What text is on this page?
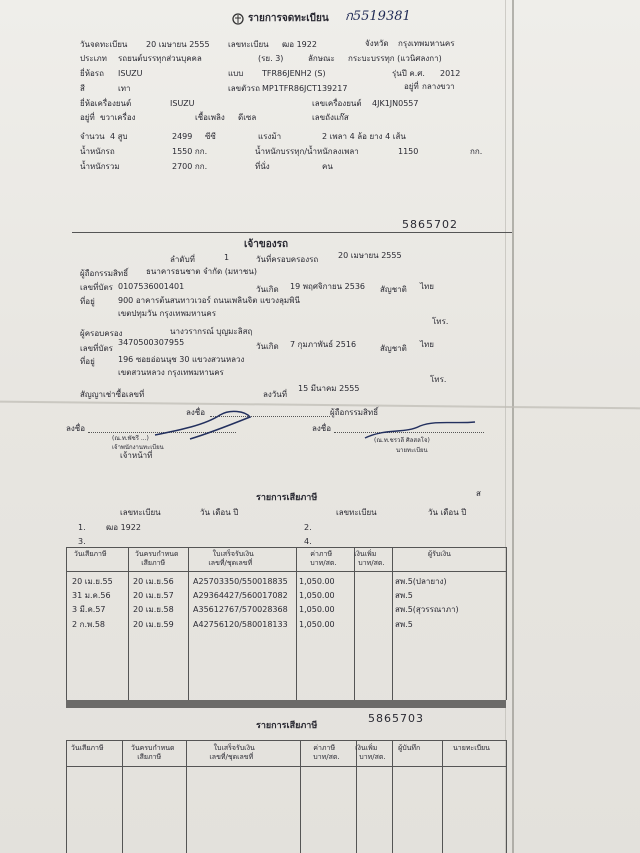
รายการจดทะเบียน ก5519381
วันจดทะเบียน 20 เมษายน 2555 เลขทะเบียน ฒอ 1922	จังหวัด กรุงเทพมหานคร
ประเภท รถยนต์บรรทุกส่วนบุคคล	(รย. 3)	ลักษณะ กระบะบรรทุก (แวนิศลงกา)
ยี่ห้อรถ ISUZU	แบบ TFR86JENH2 (S)	รุ่นปี ค.ศ. 2012
สี	เทา	เลขตัวรถ MP1TFR86JCT139217	อยู่ที่ กลางขวา
ยี่ห้อเครื่องยนต์	ISUZU	เลขเครื่องยนต์ 4JK1JN0557
อยู่ที่ ขวาเครื่อง	เชื้อเพลิง ดีเซล	เลขถังแก๊ส
จำนวน 4 สูบ	2499 ซีซี	แรงม้า	2 เพลา 4 ล้อ ยาง 4 เส้น
น้ำหนักรถ	1550 กก.	น้ำหนักบรรทุก/น้ำหนักลงเพลา	1150	กก.
น้ำหนักรวม	2700 กก.	ที่นั่ง	คน
5865702
เจ้าของรถ
ลำดับที่	1	วันที่ครอบครองรถ 20 เมษายน 2555
ผู้ถือกรรมสิทธิ์ ธนาคารธนชาต จำกัด (มหาชน)
เลขที่บัตร 0107536001401	วันเกิด 19 พฤศจิกายน 2536 สัญชาติ ไทย
ที่อยู่	900 อาคารต้นสนทาวเวอร์ ถนนเพลินจิต แขวงลุมพินี
เขตปทุมวัน กรุงเทพมหานคร
โทร.
ผู้ครอบครอง	นางวรากรณ์ บุญมะลิสฤ
เลขที่บัตร
3470500307955	วันเกิด 7 กุมภาพันธ์ 2516	สัญชาติ ไทย
ที่อยู่	196 ซอยอ่อนนุช 30 แขวงสวนหลวง
เขตสวนหลวง กรุงเทพมหานคร
โทร.
สัญญาเช่าซื้อเลขที่	ลงวันที่
15 มีนาคม 2555
ลงชื่อ	ผู้ถือกรรมสิทธิ์
ลงชื่อ
(ณ.ท.พัชรี ...)
เจ้าพนักงานทะเบียน
เจ้าหน้าที่
ลงชื่อ
(ณ.ท.ชรวลี ศิลสลโจ)
นายทะเบียน
รายการเสียภาษี
เลขทะเบียน	วัน เดือน ปี	เลขทะเบียน	วัน เดือน ปี
ส
1.	ฒอ 1922	2.
3.	4.
5865703
รายการเสียภาษี
วันเสียภาษี	วันครบกำหนด
เสียภาษี
ใบเสร็จรับเงิน
เลขที่/ชุดเลขที่
ค่าภาษี
บาท/สต.
เงินเพิ่ม
บาท/สต.
ผู้รับเงิน
20 เม.ย.55	20 เม.ย.56 A25703350/550018835 1,050.00	สพ.5(ปลายาง)
31 ม.ค.56	20 เม.ย.57 A29364427/560017082 1,050.00	สพ.5
3 มี.ค.57	20 เม.ย.58 A35612767/570028368 1,050.00	สพ.5(สุวรรณาภา)
2 ก.พ.58	20 เม.ย.59 A42756120/580018133 1,050.00	สพ.5
วันเสียภาษี	วันครบกำหนด
เสียภาษี
ใบเสร็จรับเงิน
เลขที่/ชุดเลขที่
ค่าภาษี
บาท/สต.
เงินเพิ่ม
บาท/สต.
ผู้บันทึก	นายทะเบียน
